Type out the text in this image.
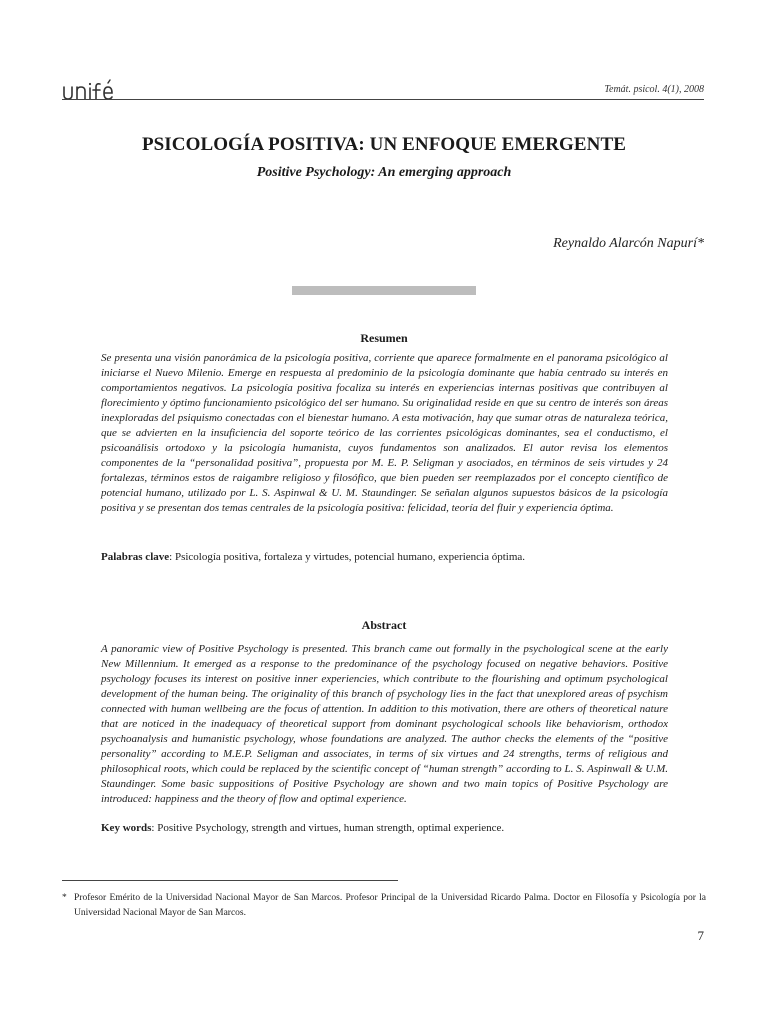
Temát. psicol. 4(1), 2008
PSICOLOGÍA POSITIVA: UN ENFOQUE EMERGENTE
Positive Psychology: An emerging approach
Reynaldo Alarcón Napurí*
Resumen
Se presenta una visión panorámica de la psicología positiva, corriente que aparece formalmente en el panorama psicológico al iniciarse el Nuevo Milenio. Emerge en respuesta al predominio de la psicología dominante que había centrado su interés en comportamientos negativos. La psicología positiva focaliza su interés en experiencias internas positivas que contribuyen al florecimiento y óptimo funcionamiento psicológico del ser humano. Su originalidad reside en que su centro de interés son áreas inexploradas del psiquismo conectadas con el bienestar humano. A esta motivación, hay que sumar otras de naturaleza teórica, que se advierten en la insuficiencia del soporte teórico de las corrientes psicológicas dominantes, sea el conductismo, el psicoanálisis ortodoxo y la psicología humanista, cuyos fundamentos son analizados. El autor revisa los elementos componentes de la “personalidad positiva”, propuesta por M. E. P. Seligman y asociados, en términos de seis virtudes y 24 fortalezas, términos estos de raigambre religioso y filosófico, que bien pueden ser reemplazados por el concepto científico de potencial humano, utilizado por L. S. Aspinwal & U. M. Staundinger. Se señalan algunos supuestos básicos de la psicología positiva y se presentan dos temas centrales de la psicología positiva: felicidad, teoría del fluir y experiencia óptima.
Palabras clave: Psicología positiva, fortaleza y virtudes, potencial humano, experiencia óptima.
Abstract
A panoramic view of Positive Psychology is presented. This branch came out formally in the psychological scene at the early New Millennium. It emerged as a response to the predominance of the psychology focused on negative behaviors. Positive psychology focuses its interest on positive inner experiencies, which contribute to the flourishing and optimum psychological development of the human being. The originality of this branch of psychology lies in the fact that unexplored areas of psychism connected with human wellbeing are the focus of attention. In addition to this motivation, there are others of theoretical nature that are noticed in the inadequacy of theoretical support from dominant psychological schools like behaviorism, orthodox psychoanalysis and humanistic psychology, whose foundations are analyzed. The author checks the elements of the “positive personality” according to M.E.P. Seligman and associates, in terms of six virtues and 24 strengths, terms of religious and philosophical roots, which could be replaced by the scientific concept of “human strength” according to L. S. Aspinwall & U.M. Staundinger. Some basic suppositions of Positive Psychology are shown and two main topics of Positive Psychology are introduced: happiness and the theory of flow and optimal experience.
Key words: Positive Psychology, strength and virtues, human strength, optimal experience.
* Profesor Emérito de la Universidad Nacional Mayor de San Marcos. Profesor Principal de la Universidad Ricardo Palma. Doctor en Filosofía y Psicología por la Universidad Nacional Mayor de San Marcos.
7
